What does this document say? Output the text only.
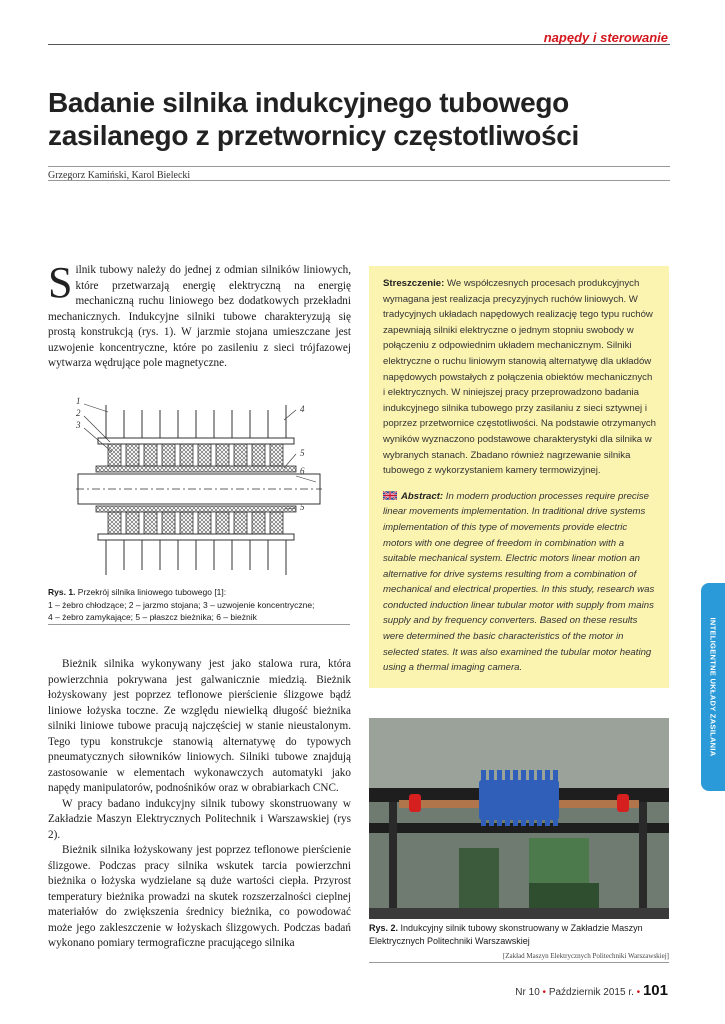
napędy i sterowanie
Badanie silnika indukcyjnego tubowego zasilanego z przetwornicy częstotliwości
Grzegorz Kamiński, Karol Bielecki
Silnik tubowy należy do jednej z odmian silników liniowych, które przetwarzają energię elektryczną na energię mechaniczną ruchu liniowego bez dodatkowych przekładni mechanicznych. Indukcyjne silniki tubowe charakteryzują się prostą konstrukcją (rys. 1). W jarzmie stojana umieszczane jest uzwojenie koncentryczne, które po zasileniu z sieci trójfazowej wytwarza wędrujące pole magnetyczne.
1
2
3
4
5
6
5
Rys. 1. Przekrój silnika liniowego tubowego [1]:
1 – żebro chłodzące; 2 – jarzmo stojana; 3 – uzwojenie koncentryczne;
4 – żebro zamykające; 5 – płaszcz bieżnika; 6 – bieżnik

Bieżnik silnika wykonywany jest jako stalowa rura, która powierzchnia pokrywana jest galwanicznie miedzią. Bieżnik łożyskowany jest poprzez teflonowe pierścienie ślizgowe bądź liniowe łożyska toczne. Ze względu niewielką długość bieżnika silniki liniowe tubowe pracują najczęściej w stanie nieustalonym. Tego typu konstrukcje stanowią alternatywę do typowych pneumatycznych siłowników liniowych. Silniki tubowe znajdują zastosowanie w elementach wykonawczych automatyki jako napędy manipulatorów, podnośników oraz w obrabiarkach CNC.

W pracy badano indukcyjny silnik tubowy skonstruowany w Zakładzie Maszyn Elektrycznych Politechnik i Warszawskiej (rys 2).

Bieżnik silnika łożyskowany jest poprzez teflonowe pierścienie ślizgowe. Podczas pracy silnika wskutek tarcia powierzchni bieżnika o łożyska wydzielane są duże wartości ciepła. Przyrost temperatury bieżnika prowadzi na skutek rozszerzalności cieplnej materiałów do zwiększenia średnicy bieżnika, co powodować może jego zakleszczenie w łożyskach ślizgowych. Podczas badań wykonano pomiary termograficzne pracującego silnika

Streszczenie: We współczesnych procesach produkcyjnych wymagana jest realizacja precyzyjnych ruchów liniowych. W tradycyjnych układach napędowych realizację tego typu ruchów zapewniają silniki elektryczne o jednym stopniu swobody w połączeniu z odpowiednim układem mechanicznym. Silniki elektryczne o ruchu liniowym stanowią alternatywę dla układów napędowych powstałych z połączenia obiektów mechanicznych i elektrycznych. W niniejszej pracy przeprowadzono badania indukcyjnego silnika tubowego przy zasilaniu z sieci sztywnej i poprzez przetwornice częstotliwości. Na podstawie otrzymanych wyników wyznaczono podstawowe charakterystyki dla silnika w wybranych stanach. Zbadano również nagrzewanie silnika tubowego z wykorzystaniem kamery termowizyjnej.

Abstract: In modern production processes require precise linear movements implementation. In traditional drive systems implementation of this type of movements provide electric motors with one degree of freedom in combination with a suitable mechanical system. Electric motors linear motion an alternative for drive systems resulting from a combination of mechanical and electrical properties. In this study, research was conducted induction linear tubular motor with supply from mains supply and by frequency converters. Based on these results were determined the basic characteristics of the motor in selected states. It was also examined the tubular motor heating using a thermal imaging camera.

Rys. 2. Indukcyjny silnik tubowy skonstruowany w Zakładzie Maszyn Elektrycznych Politechniki Warszawskiej
[Zakład Maszyn Elektrycznych Politechniki Warszawskiej]
INTELIGENTNE UKŁADY ZASILANIA
Nr 10 • Październik 2015 r. • 101
